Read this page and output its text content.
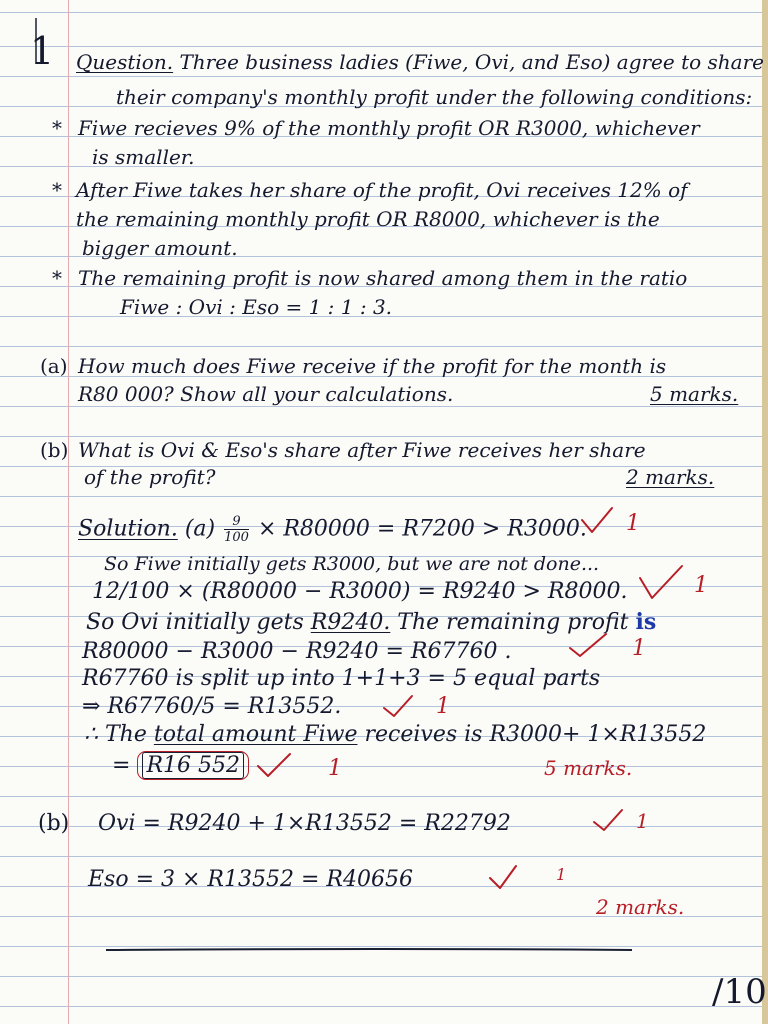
1 Question. Three business ladies (Fiwe, Ovi, and Eso) agree to share
their company's monthly profit under the following conditions:
* Fiwe recieves 9% of the monthly profit OR R3000, whichever
is smaller.
* After Fiwe takes her share of the profit, Ovi receives 12% of
the remaining monthly profit OR R8000, whichever is the
bigger amount.
* The remaining profit is now shared among them in the ratio
Fiwe : Ovi : Eso = 1 : 1 : 3.
(a) How much does Fiwe receive if the profit for the month is
R80 000? Show all your calculations.	5 marks.
(b) What is Ovi & Eso's share after Fiwe receives her share
of the profit?	2 marks.
Solution. $(a) \frac{9}{100} \times R80000 = R7200 > R3000$. 1
So Fiwe initially gets R3000, but we are not done...
12/100 × (R80000 − R3000) = R9240 > R8000.	1
So Ovi initially gets R9240. The remaining profit is
R80000 − R3000 − R9240 = R67760 .	1
R67760 is split up into 1+1+3 = 5 equal parts
⇒ R67760/5 = R13552.	1
∴ The total amount Fiwe receives is R3000+ 1×R13552
= R16 552	1	5 marks.
(b) Ovi = R9240 + 1×R13552 = R22792	1
Eso = 3 × R13552 = R40656	1
2 marks.
/10
